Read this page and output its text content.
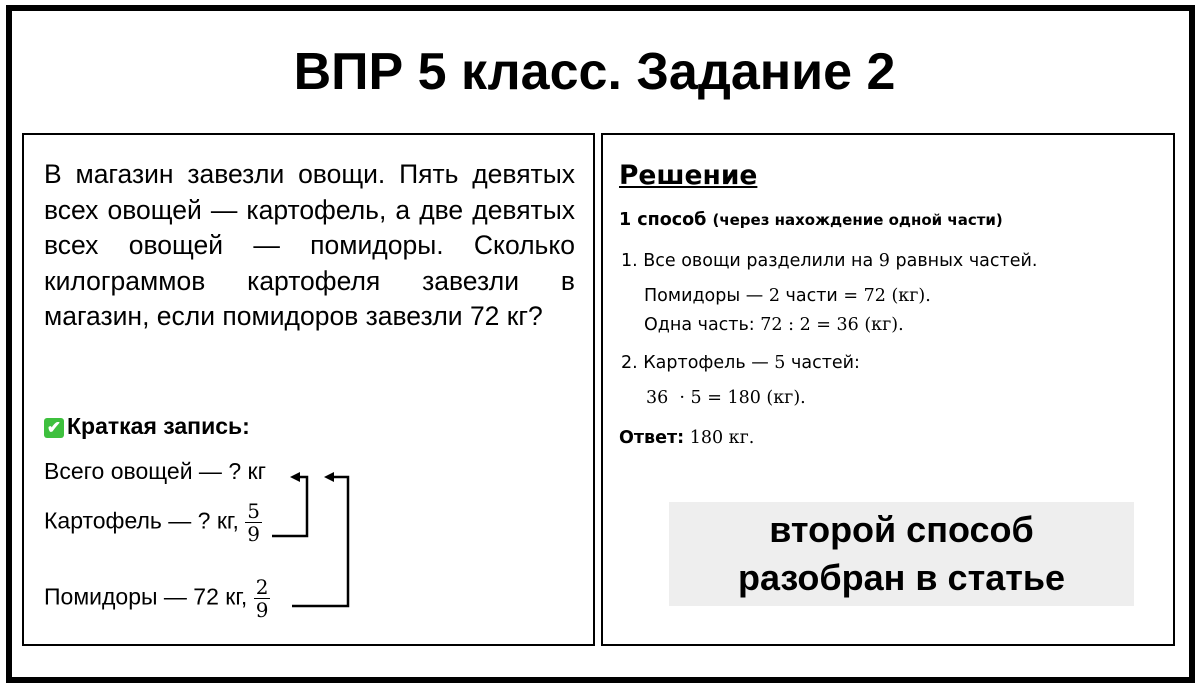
ВПР 5 класс. Задание 2
В магазин завезли овощи. Пять девятых всех овощей — картофель, а две девятых всех овощей — помидоры. Сколько килограммов картофеля завезли в магазин, если помидоров завезли 72 кг?
✔ Краткая запись:
Всего овощей — ? кг
Картофель — ? кг, $\frac{5}{9}$
Помидоры — 72 кг, $\frac{2}{9}$
Решение
1 способ (через нахождение одной части)
1. Все овощи разделили на 9 равных частей.
Помидоры — 2 части = 72 (кг).
Одна часть: 72 : 2 = 36 (кг).
2. Картофель — 5 частей:
36  · 5 = 180 (кг).
Ответ: 180 кг.
второй способ
разобран в статье
